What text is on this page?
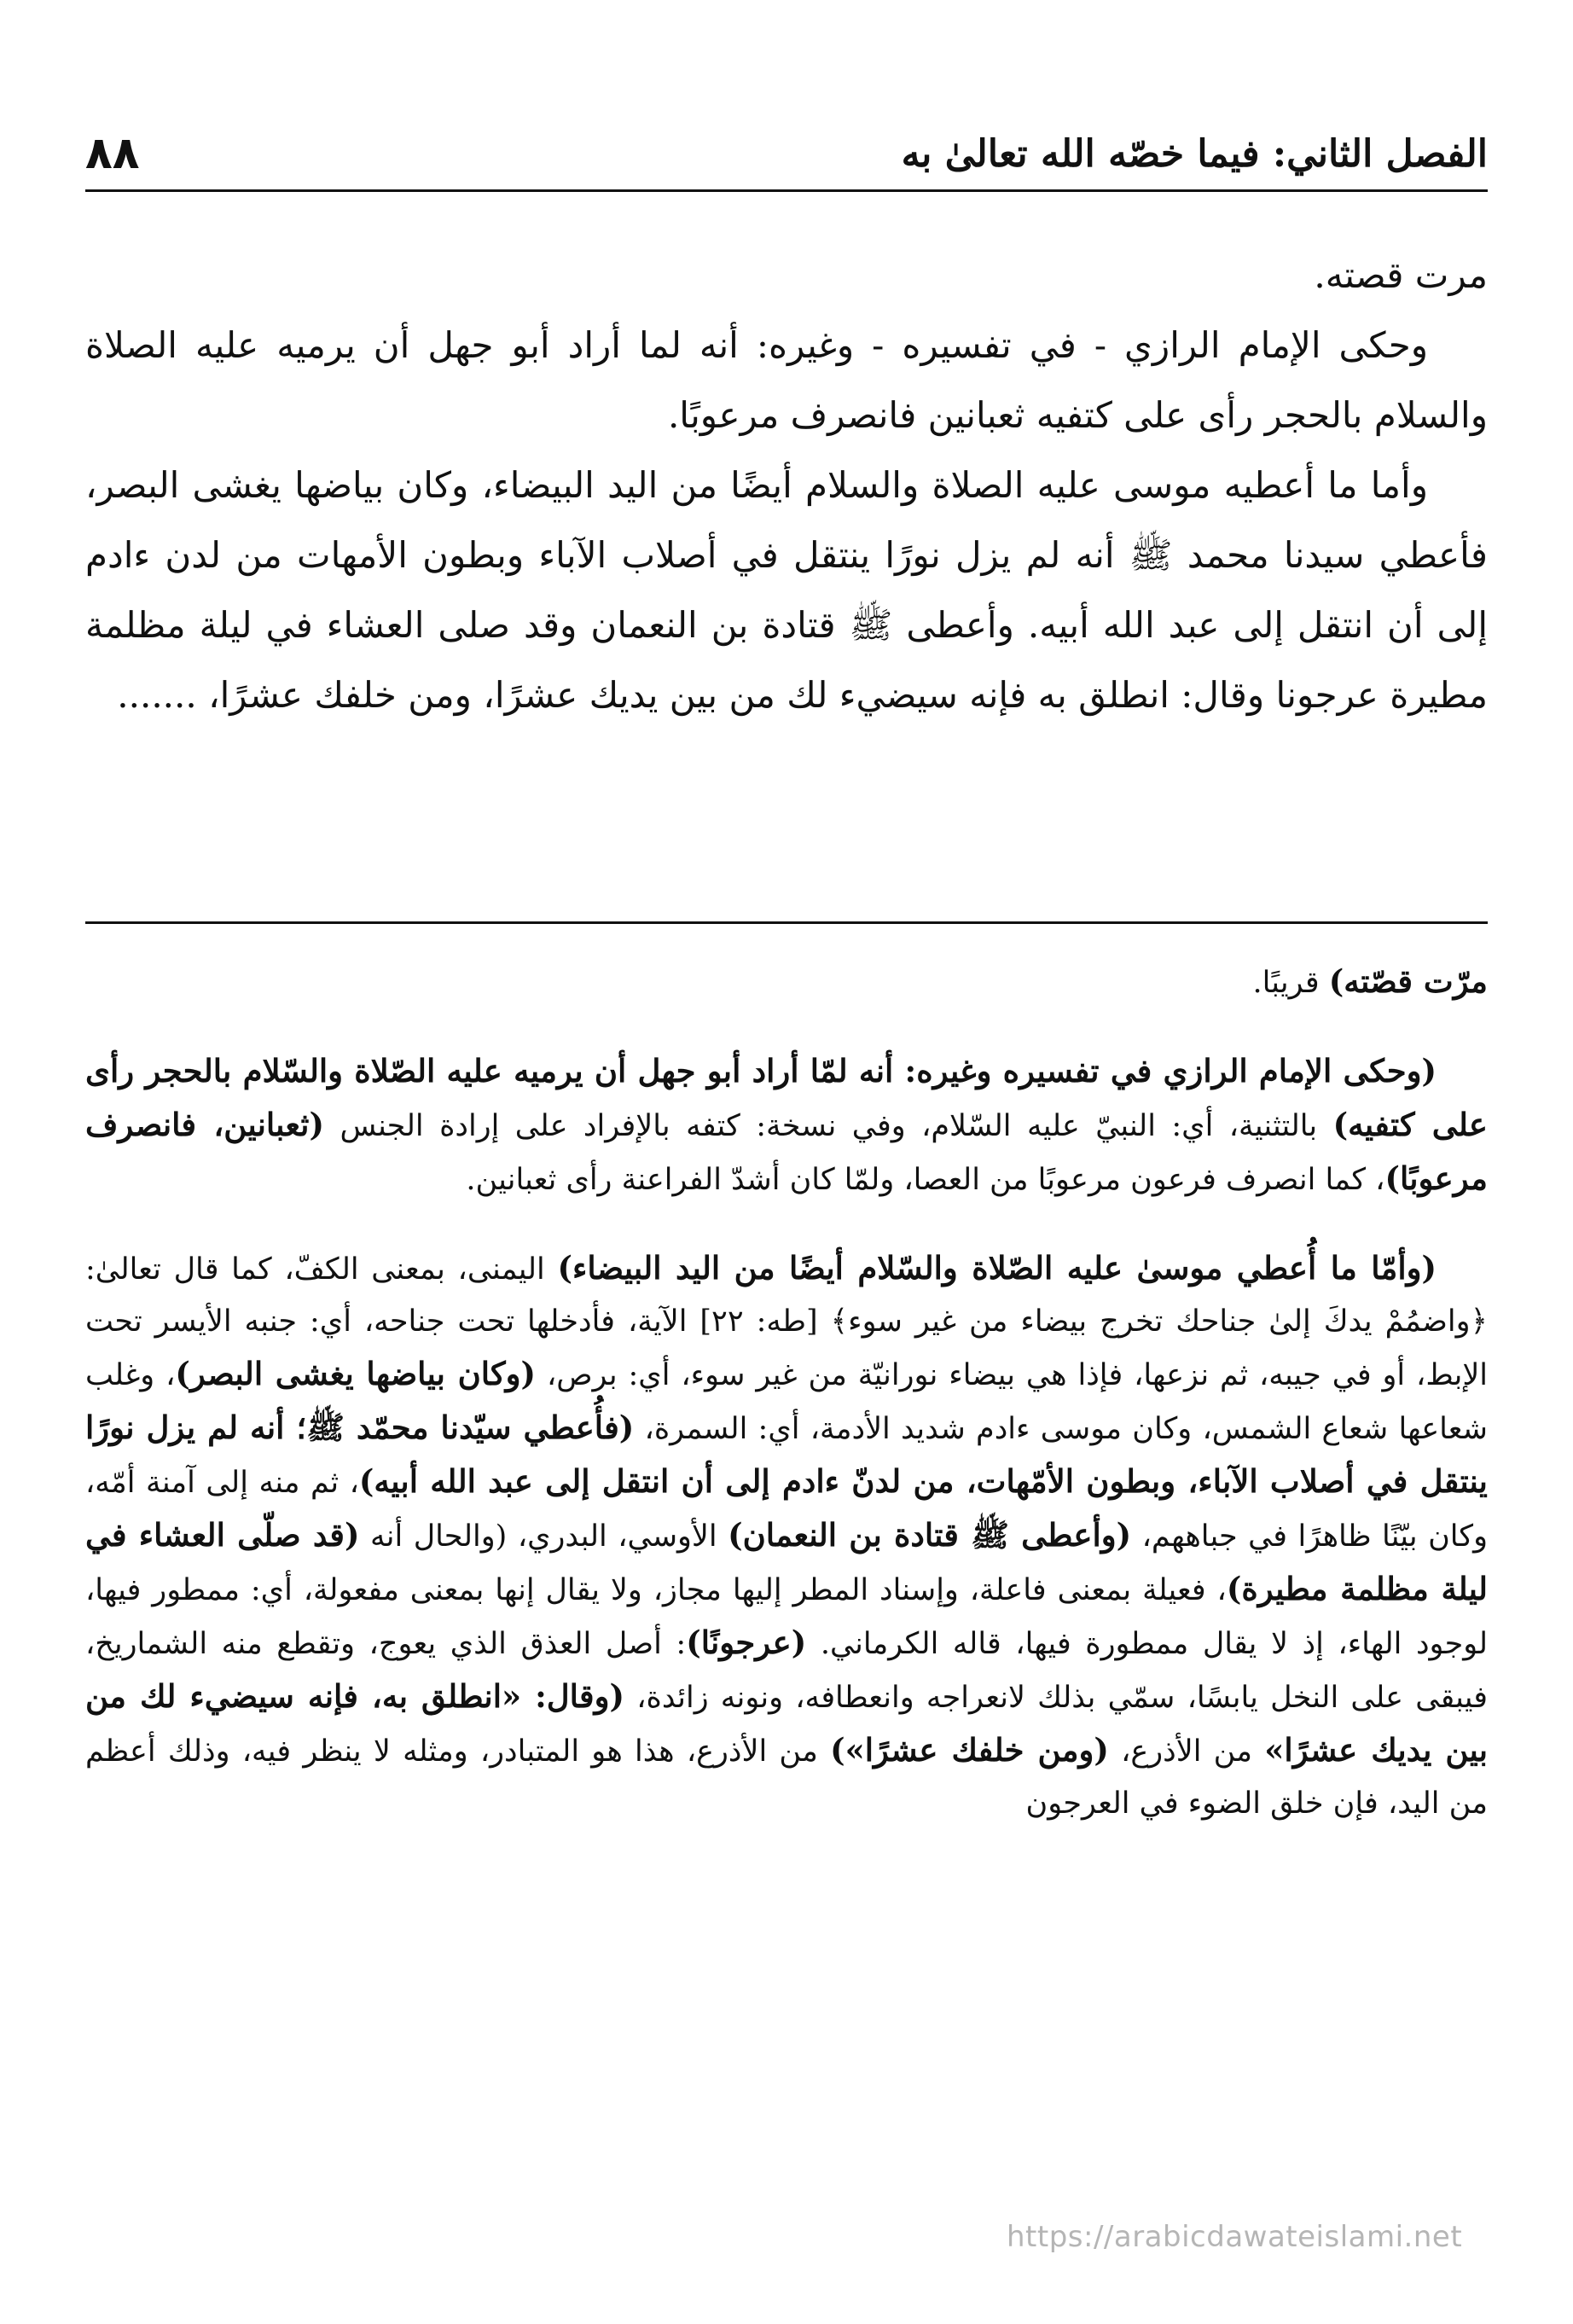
الفصل الثاني: فيما خصّه الله تعالىٰ به
٨٨

مرت قصته.

وحكى الإمام الرازي - في تفسيره - وغيره: أنه لما أراد أبو جهل أن يرميه عليه الصلاة والسلام بالحجر رأى على كتفيه ثعبانين فانصرف مرعوبًا.

وأما ما أعطيه موسى عليه الصلاة والسلام أيضًا من اليد البيضاء، وكان بياضها يغشى البصر، فأعطي سيدنا محمد ﷺ أنه لم يزل نورًا ينتقل في أصلاب الآباء وبطون الأمهات من لدن ءادم إلى أن انتقل إلى عبد الله أبيه. وأعطى ﷺ قتادة بن النعمان وقد صلى العشاء في ليلة مظلمة مطيرة عرجونا وقال: انطلق به فإنه سيضيء لك من بين يديك عشرًا، ومن خلفك عشرًا، .......

مرّت قصّته) قريبًا.

(وحكى الإمام الرازي في تفسيره وغيره: أنه لمّا أراد أبو جهل أن يرميه عليه الصّلاة والسّلام بالحجر رأى على كتفيه) بالتثنية، أي: النبيّ عليه السّلام، وفي نسخة: كتفه بالإفراد على إرادة الجنس (ثعبانين، فانصرف مرعوبًا)، كما انصرف فرعون مرعوبًا من العصا، ولمّا كان أشدّ الفراعنة رأى ثعبانين.

(وأمّا ما أُعطي موسىٰ عليه الصّلاة والسّلام أيضًا من اليد البيضاء) اليمنى، بمعنى الكفّ، كما قال تعالىٰ: ﴿واضمُمْ يدكَ إلىٰ جناحك تخرج بيضاء من غير سوء﴾ [طه: ٢٢] الآية، فأدخلها تحت جناحه، أي: جنبه الأيسر تحت الإبط، أو في جيبه، ثم نزعها، فإذا هي بيضاء نورانيّة من غير سوء، أي: برص، (وكان بياضها يغشى البصر)، وغلب شعاعها شعاع الشمس، وكان موسى ءادم شديد الأدمة، أي: السمرة، (فأُعطي سيّدنا محمّد ﷺ؛ أنه لم يزل نورًا ينتقل في أصلاب الآباء، وبطون الأمّهات، من لدنّ ءادم إلى أن انتقل إلى عبد الله أبيه)، ثم منه إلى آمنة أمّه، وكان بيّنًا ظاهرًا في جباههم، (وأعطى ﷺ قتادة بن النعمان) الأوسي، البدري، (والحال أنه (قد صلّى العشاء في ليلة مظلمة مطيرة)، فعيلة بمعنى فاعلة، وإسناد المطر إليها مجاز، ولا يقال إنها بمعنى مفعولة، أي: ممطور فيها، لوجود الهاء، إذ لا يقال ممطورة فيها، قاله الكرماني. (عرجونًا): أصل العذق الذي يعوج، وتقطع منه الشماريخ، فيبقى على النخل يابسًا، سمّي بذلك لانعراجه وانعطافه، ونونه زائدة، (وقال: «انطلق به، فإنه سيضيء لك من بين يديك عشرًا» من الأذرع، (ومن خلفك عشرًا») من الأذرع، هذا هو المتبادر، ومثله لا ينظر فيه، وذلك أعظم من اليد، فإن خلق الضوء في العرجون

https://arabicdawateislami.net
